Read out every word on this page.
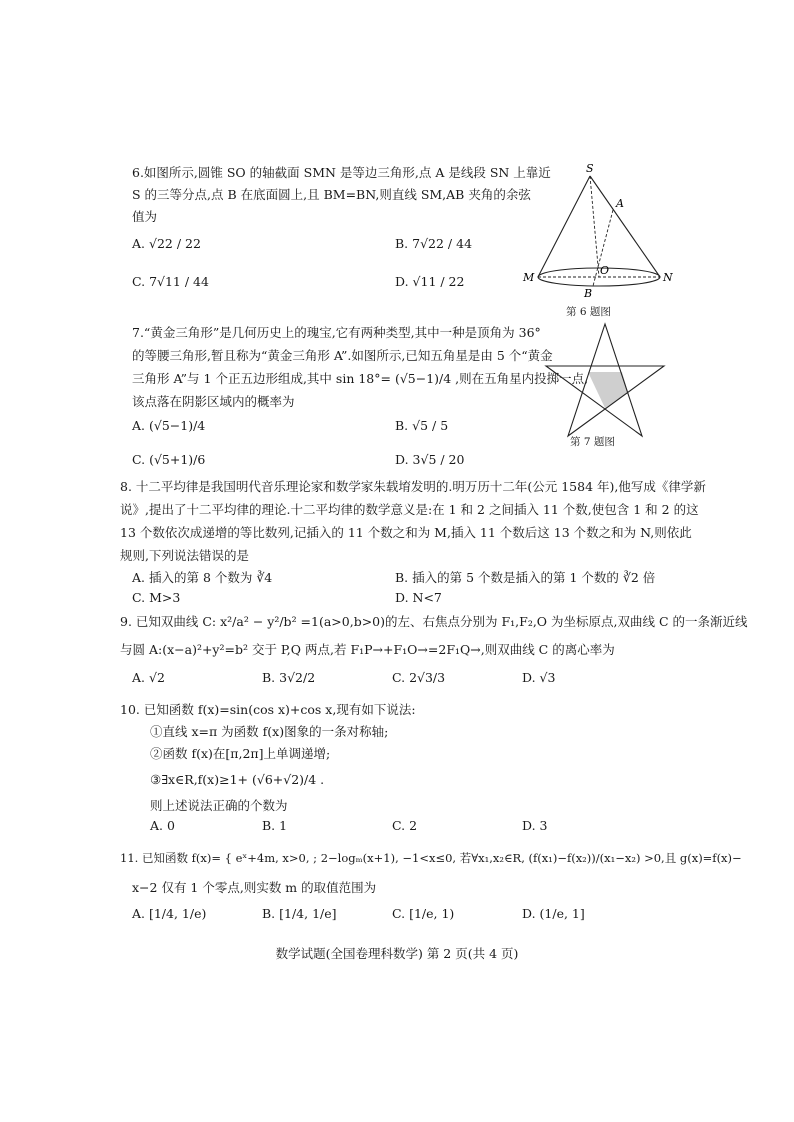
6.如图所示,圆锥 SO 的轴截面 SMN 是等边三角形,点 A 是线段 SN 上靠近
S 的三等分点,点 B 在底面圆上,且 BM=BN,则直线 SM,AB 夹角的余弦
值为
A. √22 / 22	B. 7√22 / 44
C. 7√11 / 44	D. √11 / 22
S
A
M
O
N
B
第 6 题图
7.“黄金三角形”是几何历史上的瑰宝,它有两种类型,其中一种是顶角为 36°
的等腰三角形,暂且称为“黄金三角形 A”.如图所示,已知五角星是由 5 个“黄金
三角形 A”与 1 个正五边形组成,其中 sin 18°= (√5−1)/4 ,则在五角星内投掷一点,
该点落在阴影区域内的概率为
A. (√5−1)/4	B. √5 / 5
C. (√5+1)/6	D. 3√5 / 20
第 7 题图
8. 十二平均律是我国明代音乐理论家和数学家朱载堉发明的.明万历十二年(公元 1584 年),他写成《律学新
说》,提出了十二平均律的理论.十二平均律的数学意义是:在 1 和 2 之间插入 11 个数,使包含 1 和 2 的这
13 个数依次成递增的等比数列,记插入的 11 个数之和为 M,插入 11 个数后这 13 个数之和为 N,则依此
规则,下列说法错误的是
A. 插入的第 8 个数为 ∛4	B. 插入的第 5 个数是插入的第 1 个数的 ∛2 倍
C. M>3	D. N<7
9. 已知双曲线 C: x²/a² − y²/b² =1(a>0,b>0)的左、右焦点分别为 F₁,F₂,O 为坐标原点,双曲线 C 的一条渐近线
与圆 A:(x−a)²+y²=b² 交于 P,Q 两点,若 F₁P→+F₁O→=2F₁Q→,则双曲线 C 的离心率为
A. √2	B. 3√2/2	C. 2√3/3	D. √3
10. 已知函数 f(x)=sin(cos x)+cos x,现有如下说法:
①直线 x=π 为函数 f(x)图象的一条对称轴;
②函数 f(x)在[π,2π]上单调递增;
③∃x∈R,f(x)≥1+ (√6+√2)/4 .
则上述说法正确的个数为
A. 0	B. 1	C. 2	D. 3
11. 已知函数 f(x)= { eˣ+4m, x>0, ; 2−logₘ(x+1), −1<x≤0, 若∀x₁,x₂∈R, (f(x₁)−f(x₂))/(x₁−x₂) >0,且 g(x)=f(x)−
x−2 仅有 1 个零点,则实数 m 的取值范围为
A. [1/4, 1/e)	B. [1/4, 1/e]	C. [1/e, 1)	D. (1/e, 1]
数学试题(全国卷理科数学) 第 2 页(共 4 页)
